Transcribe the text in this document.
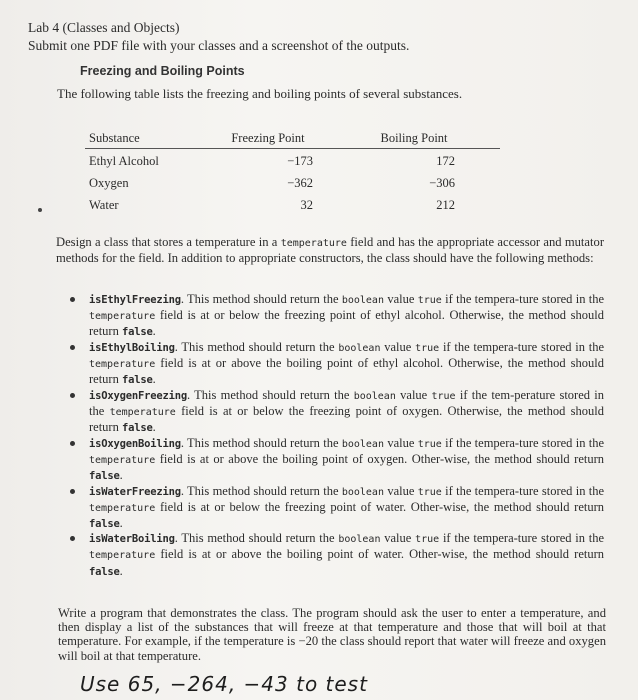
Lab 4 (Classes and Objects)
Submit one PDF file with your classes and a screenshot of the outputs.
Freezing and Boiling Points
The following table lists the freezing and boiling points of several substances.
Substance	Freezing Point	Boiling Point
Ethyl Alcohol	−173	172
Oxygen	−362	−306
Water	32	212
Design a class that stores a temperature in a temperature field and has the appropriate accessor and mutator methods for the field. In addition to appropriate constructors, the class should have the following methods:
isEthylFreezing. This method should return the boolean value true if the tempera-ture stored in the temperature field is at or below the freezing point of ethyl alcohol. Otherwise, the method should return false.
isEthylBoiling. This method should return the boolean value true if the tempera-ture stored in the temperature field is at or above the boiling point of ethyl alcohol. Otherwise, the method should return false.
isOxygenFreezing. This method should return the boolean value true if the tem-perature stored in the temperature field is at or below the freezing point of oxygen. Otherwise, the method should return false.
isOxygenBoiling. This method should return the boolean value true if the tempera-ture stored in the temperature field is at or above the boiling point of oxygen. Other-wise, the method should return false.
isWaterFreezing. This method should return the boolean value true if the tempera-ture stored in the temperature field is at or below the freezing point of water. Other-wise, the method should return false.
isWaterBoiling. This method should return the boolean value true if the tempera-ture stored in the temperature field is at or above the boiling point of water. Other-wise, the method should return false.
Write a program that demonstrates the class. The program should ask the user to enter a temperature, and then display a list of the substances that will freeze at that temperature and those that will boil at that temperature. For example, if the temperature is −20 the class should report that water will freeze and oxygen will boil at that temperature.
Use 65, −264, −43 to test
